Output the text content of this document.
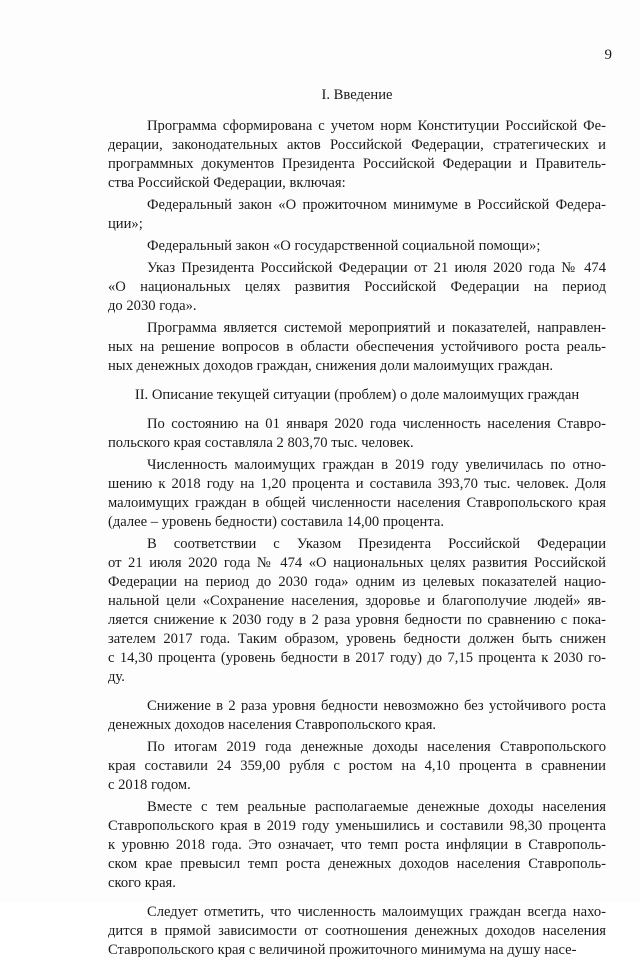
9
I. Введение

Программа сформирована с учетом норм Конституции Российской Фе-
дерации, законодательных актов Российской Федерации, стратегических и
программных документов Президента Российской Федерации и Правитель-
ства Российской Федерации, включая:

Федеральный закон «О прожиточном минимуме в Российской Федера-
ции»;

Федеральный закон «О государственной социальной помощи»;

Указ Президента Российской Федерации от 21 июля 2020 года № 474
«О национальных целях развития Российской Федерации на период
до 2030 года».

Программа является системой мероприятий и показателей, направлен-
ных на решение вопросов в области обеспечения устойчивого роста реаль-
ных денежных доходов граждан, снижения доли малоимущих граждан.

II. Описание текущей ситуации (проблем) о доле малоимущих граждан

По состоянию на 01 января 2020 года численность населения Ставро-
польского края составляла 2 803,70 тыс. человек.

Численность малоимущих граждан в 2019 году увеличилась по отно-
шению к 2018 году на 1,20 процента и составила 393,70 тыс. человек. Доля
малоимущих граждан в общей численности населения Ставропольского края
(далее – уровень бедности) составила 14,00 процента.

В соответствии с Указом Президента Российской Федерации
от 21 июля 2020 года № 474 «О национальных целях развития Российской
Федерации на период до 2030 года» одним из целевых показателей нацио-
нальной цели «Сохранение населения, здоровье и благополучие людей» яв-
ляется снижение к 2030 году в 2 раза уровня бедности по сравнению с пока-
зателем 2017 года. Таким образом, уровень бедности должен быть снижен
с 14,30 процента (уровень бедности в 2017 году) до 7,15 процента к 2030 го-
ду.

Снижение в 2 раза уровня бедности невозможно без устойчивого роста
денежных доходов населения Ставропольского края.

По итогам 2019 года денежные доходы населения Ставропольского
края составили 24 359,00 рубля с ростом на 4,10 процента в сравнении
с 2018 годом.

Вместе с тем реальные располагаемые денежные доходы населения
Ставропольского края в 2019 году уменьшились и составили 98,30 процента
к уровню 2018 года. Это означает, что темп роста инфляции в Ставрополь-
ском крае превысил темп роста денежных доходов населения Ставрополь-
ского края.

Следует отметить, что численность малоимущих граждан всегда нахо-
дится в прямой зависимости от соотношения денежных доходов населения
Ставропольского края с величиной прожиточного минимума на душу насе-
